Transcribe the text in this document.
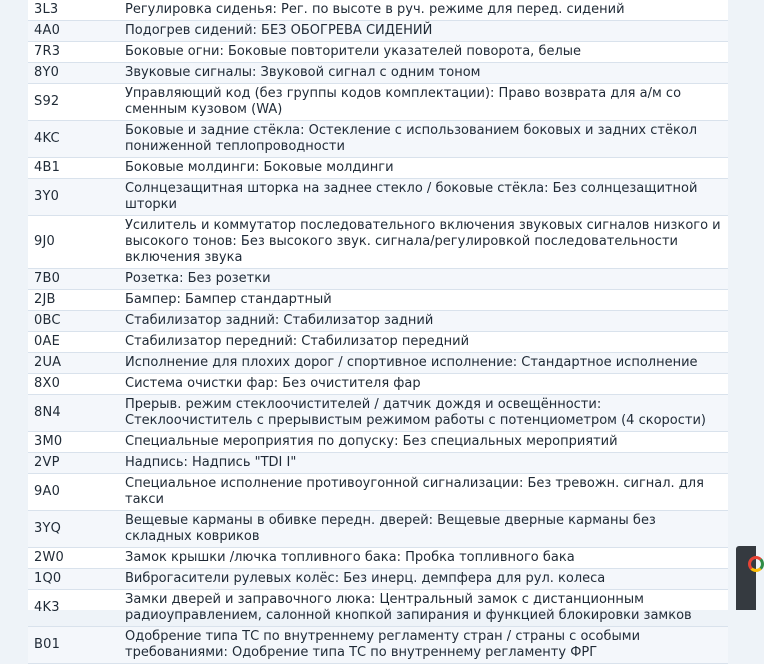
3L3	Регулировка сиденья: Рег. по высоте в руч. режиме для перед. сидений
4A0	Подогрев сидений: БЕЗ ОБОГРЕВА СИДЕНИЙ
7R3	Боковые огни: Боковые повторители указателей поворота, белые
8Y0	Звуковые сигналы: Звуковой сигнал с одним тоном
S92	Управляющий код (без группы кодов комплектации): Право возврата для а/м со сменным кузовом (WA)
4KC	Боковые и задние стёкла: Остекление с использованием боковых и задних стёкол пониженной теплопроводности
4B1	Боковые молдинги: Боковые молдинги
3Y0	Солнцезащитная шторка на заднее стекло / боковые стёкла: Без солнцезащитной шторки
9J0	Усилитель и коммутатор последовательного включения звуковых сигналов низкого и высокого тонов: Без высокого звук. сигнала/регулировкой последовательности включения звука
7B0	Розетка: Без розетки
2JB	Бампер: Бампер стандартный
0BC	Стабилизатор задний: Стабилизатор задний
0AE	Стабилизатор передний: Стабилизатор передний
2UA	Исполнение для плохих дорог / спортивное исполнение: Стандартное исполнение
8X0	Система очистки фар: Без очистителя фар
8N4	Прерыв. режим стеклоочистителей / датчик дождя и освещённости: Стеклоочиститель с прерывистым режимом работы с потенциометром (4 скорости)
3M0	Специальные мероприятия по допуску: Без специальных мероприятий
2VP	Надпись: Надпись "TDI I"
9A0	Специальное исполнение противоугонной сигнализации: Без тревожн. сигнал. для такси
3YQ	Вещевые карманы в обивке передн. дверей: Вещевые дверные карманы без складных ковриков
2W0	Замок крышки /лючка топливного бака: Пробка топливного бака
1Q0	Виброгасители рулевых колёс: Без инерц. демпфера для рул. колеса
4K3	Замки дверей и заправочного люка: Центральный замок с дистанционным радиоуправлением, салонной кнопкой запирания и функцией блокировки замков
B01	Одобрение типа ТС по внутреннему регламенту стран / страны с особыми требованиями: Одобрение типа ТС по внутреннему регламенту ФРГ
